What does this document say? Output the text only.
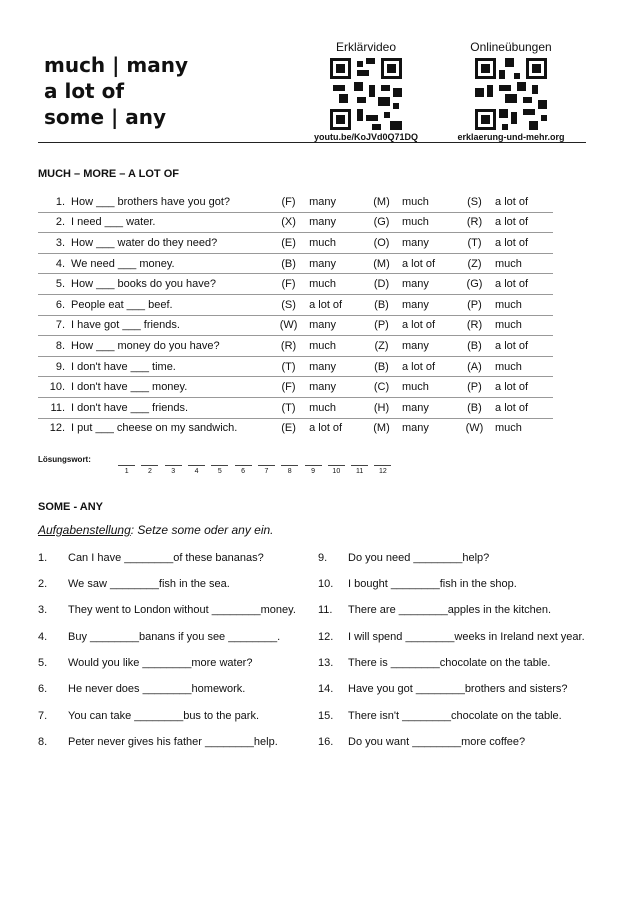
much | many
a lot of
some | any
Erklärvideo
youtu.be/KoJVd0Q71DQ
Onlineübungen
erklaerung-und-mehr.org
MUCH – MORE – A LOT OF
1.	How ___ brothers have you got?	(F)	many	(M)	much	(S)	a lot of
2.	I need ___ water.	(X)	many	(G)	much	(R)	a lot of
3.	How ___ water do they need?	(E)	much	(O)	many	(T)	a lot of
4.	We need ___ money.	(B)	many	(M)	a lot of	(Z)	much
5.	How ___ books do you have?	(F)	much	(D)	many	(G)	a lot of
6.	People eat ___ beef.	(S)	a lot of	(B)	many	(P)	much
7.	I have got ___ friends.	(W)	many	(P)	a lot of	(R)	much
8.	How ___ money do you have?	(R)	much	(Z)	many	(B)	a lot of
9.	I don't have ___ time.	(T)	many	(B)	a lot of	(A)	much
10.	I don't have ___ money.	(F)	many	(C)	much	(P)	a lot of
11.	I don't have ___ friends.	(T)	much	(H)	many	(B)	a lot of
12.	I put ___ cheese on my sandwich.	(E)	a lot of	(M)	many	(W)	much
Lösungswort:
1	2	3	4	5	6	7	8	9	10	11	12
SOME - ANY
Aufgabenstellung: Setze some oder any ein.
1. Can I have ________of these bananas?
2. We saw ________fish in the sea.
3. They went to London without ________money.
4. Buy ________banans if you see ________.
5. Would you like ________more water?
6. He never does ________homework.
7. You can take ________bus to the park.
8. Peter never gives his father ________help.
9. Do you need ________help?
10. I bought ________fish in the shop.
11. There are ________apples in the kitchen.
12. I will spend ________weeks in Ireland next year.
13. There is ________chocolate on the table.
14. Have you got ________brothers and sisters?
15. There isn't ________chocolate on the table.
16. Do you want ________more coffee?
